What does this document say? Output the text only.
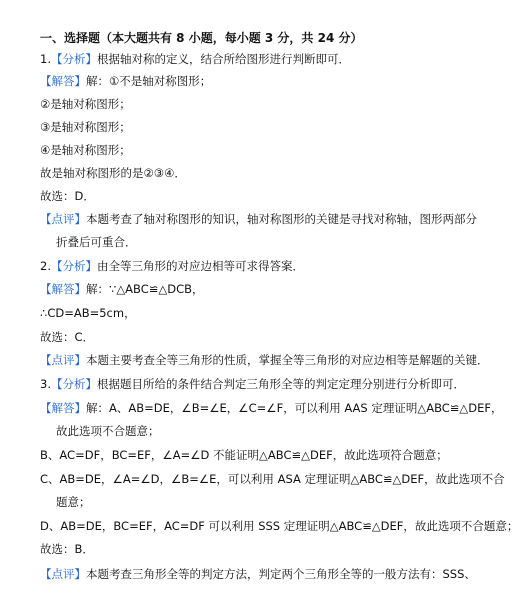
一、选择题（本大题共有 8 小题，每小题 3 分，共 24 分）
1.【分析】根据轴对称的定义，结合所给图形进行判断即可．
【解答】解：①不是轴对称图形；
②是轴对称图形；
③是轴对称图形；
④是轴对称图形；
故是轴对称图形的是②③④．
故选：D．
【点评】本题考查了轴对称图形的知识，轴对称图形的关键是寻找对称轴，图形两部分
折叠后可重合．
2.【分析】由全等三角形的对应边相等可求得答案．
【解答】解：∵△ABC≌△DCB，
∴CD=AB=5cm，
故选：C．
【点评】本题主要考查全等三角形的性质，掌握全等三角形的对应边相等是解题的关键．
3.【分析】根据题目所给的条件结合判定三角形全等的判定定理分别进行分析即可．
【解答】解：A、AB=DE，∠B=∠E，∠C=∠F，可以利用 AAS 定理证明△ABC≌△DEF，
故此选项不合题意；
B、AC=DF，BC=EF，∠A=∠D 不能证明△ABC≌△DEF，故此选项符合题意；
C、AB=DE，∠A=∠D，∠B=∠E，可以利用 ASA 定理证明△ABC≌△DEF，故此选项不合
题意；
D、AB=DE，BC=EF，AC=DF 可以利用 SSS 定理证明△ABC≌△DEF，故此选项不合题意；
故选：B．
【点评】本题考查三角形全等的判定方法，判定两个三角形全等的一般方法有：SSS、
